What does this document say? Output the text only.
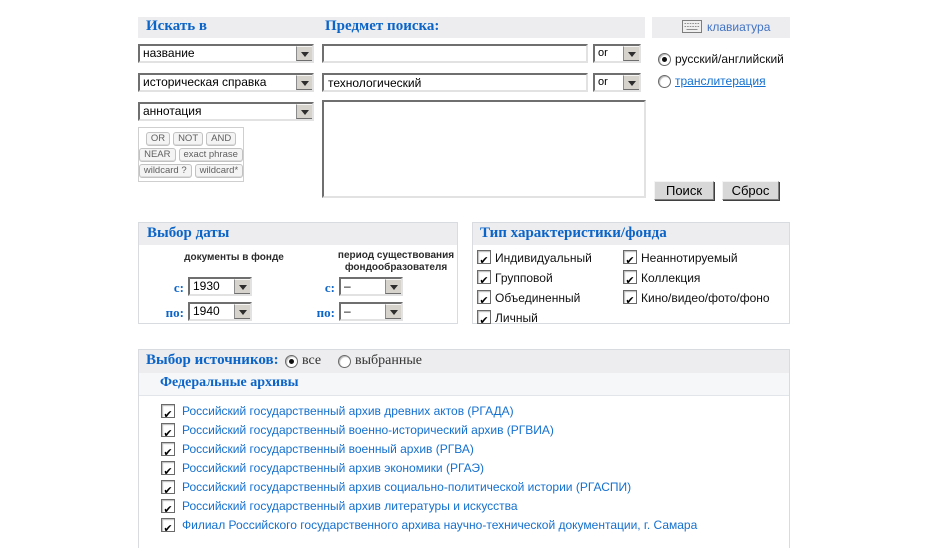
Искать в	Предмет поиска:	клавиатура
название
историческая справка
аннотация
OR	NOT	AND
NEAR	exact phrase
wildcard ?	wildcard*
or
технологический
or
русский/английский
транслитерация
Поиск	Сброс
Выбор даты
документы в фонде	период существования
фондообразователя
с: 1930
по: 1940
с: –
по: –
Тип характеристики/фонда
✔
Индивидуальный
✔
Групповой
✔
Объединенный
✔
Личный
✔
Неаннотируемый
✔
Коллекция
✔
Кино/видео/фото/фоно
Выбор источников: все выбранные
Федеральные архивы
✔
Российский государственный архив древних актов (РГАДА)
✔
Российский государственный военно-исторический архив (РГВИА)
✔
Российский государственный военный архив (РГВА)
✔
Российский государственный архив экономики (РГАЭ)
✔
Российский государственный архив социально-политической истории (РГАСПИ)
✔
Российский государственный архив литературы и искусства
✔
Филиал Российского государственного архива научно-технической документации, г. Самара
